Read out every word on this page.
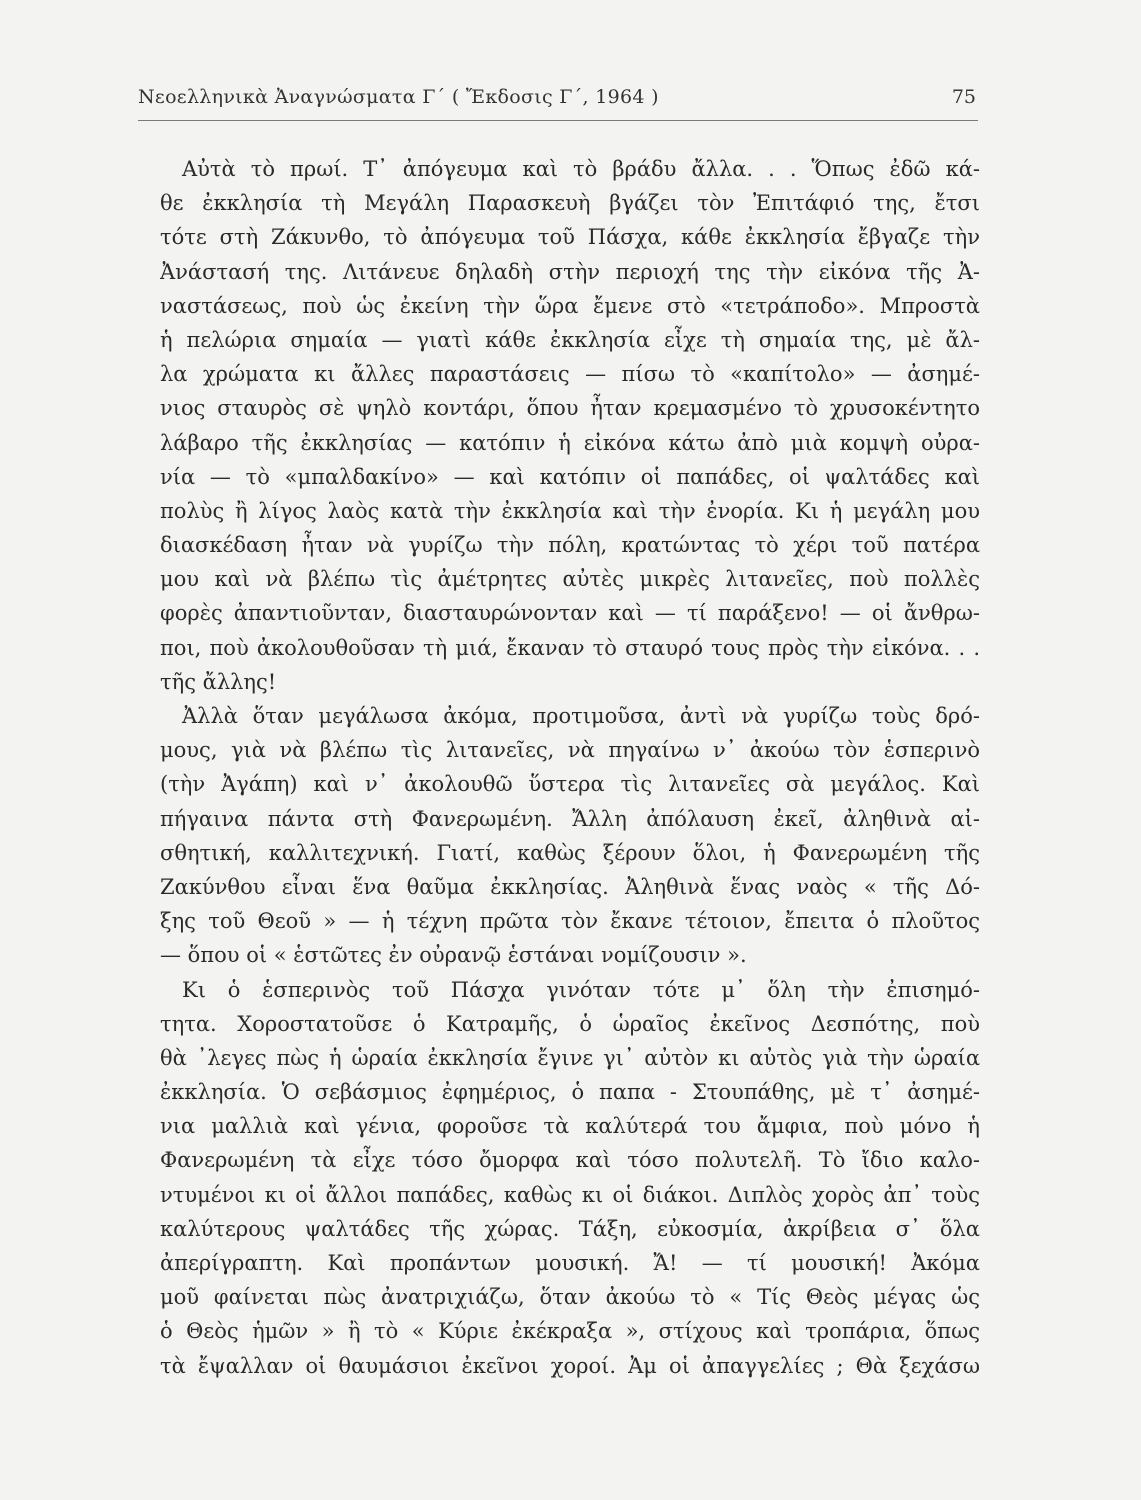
Νεοελληνικὰ Ἀναγνώσματα Γ΄ ( Ἔκδοσις Γ΄, 1964 )	75
Αὐτὰ τὸ πρωί. Τ᾿ ἀπόγευμα καὶ τὸ βράδυ ἄλλα. . . Ὅπως ἐδῶ κά-
θε ἐκκλησία τὴ Μεγάλη Παρασκευὴ βγάζει τὸν Ἐπιτάφιό της, ἔτσι
τότε στὴ Ζάκυνθο, τὸ ἀπόγευμα τοῦ Πάσχα, κάθε ἐκκλησία ἔβγαζε τὴν
Ἀνάστασή της. Λιτάνευε δηλαδὴ στὴν περιοχή της τὴν εἰκόνα τῆς Ἀ-
ναστάσεως, ποὺ ὡς ἐκείνη τὴν ὥρα ἔμενε στὸ «τετράποδο». Μπροστὰ
ἡ πελώρια σημαία — γιατὶ κάθε ἐκκλησία εἶχε τὴ σημαία της, μὲ ἄλ-
λα χρώματα κι ἄλλες παραστάσεις — πίσω τὸ «καπίτολο» — ἀσημέ-
νιος σταυρὸς σὲ ψηλὸ κοντάρι, ὅπου ἦταν κρεμασμένο τὸ χρυσοκέντητο
λάβαρο τῆς ἐκκλησίας — κατόπιν ἡ εἰκόνα κάτω ἀπὸ μιὰ κομψὴ οὐρα-
νία — τὸ «μπαλδακίνο» — καὶ κατόπιν οἱ παπάδες, οἱ ψαλτάδες καὶ
πολὺς ἢ λίγος λαὸς κατὰ τὴν ἐκκλησία καὶ τὴν ἐνορία. Κι ἡ μεγάλη μου
διασκέδαση ἦταν νὰ γυρίζω τὴν πόλη, κρατώντας τὸ χέρι τοῦ πατέρα
μου καὶ νὰ βλέπω τὶς ἀμέτρητες αὐτὲς μικρὲς λιτανεῖες, ποὺ πολλὲς
φορὲς ἀπαντιοῦνταν, διασταυρώνονταν καὶ — τί παράξενο! — οἱ ἄνθρω-
ποι, ποὺ ἀκολουθοῦσαν τὴ μιά, ἔκαναν τὸ σταυρό τους πρὸς τὴν εἰκόνα. . .
τῆς ἄλλης!
Ἀλλὰ ὅταν μεγάλωσα ἀκόμα, προτιμοῦσα, ἀντὶ νὰ γυρίζω τοὺς δρό-
μους, γιὰ νὰ βλέπω τὶς λιτανεῖες, νὰ πηγαίνω ν᾿ ἀκούω τὸν ἑσπερινὸ
(τὴν Ἀγάπη) καὶ ν᾿ ἀκολουθῶ ὕστερα τὶς λιτανεῖες σὰ μεγάλος. Καὶ
πήγαινα πάντα στὴ Φανερωμένη. Ἄλλη ἀπόλαυση ἐκεῖ, ἀληθινὰ αἰ-
σθητική, καλλιτεχνική. Γιατί, καθὼς ξέρουν ὅλοι, ἡ Φανερωμένη τῆς
Ζακύνθου εἶναι ἕνα θαῦμα ἐκκλησίας. Ἀληθινὰ ἕνας ναὸς « τῆς Δό-
ξης τοῦ Θεοῦ » — ἡ τέχνη πρῶτα τὸν ἔκανε τέτοιον, ἔπειτα ὁ πλοῦτος
— ὅπου οἱ « ἑστῶτες ἐν οὐρανῷ ἑστάναι νομίζουσιν ».
Κι ὁ ἑσπερινὸς τοῦ Πάσχα γινόταν τότε μ᾿ ὅλη τὴν ἐπισημό-
τητα. Χοροστατοῦσε ὁ Κατραμῆς, ὁ ὡραῖος ἐκεῖνος Δεσπότης, ποὺ
θὰ ᾿λεγες πὼς ἡ ὡραία ἐκκλησία ἔγινε γι᾿ αὐτὸν κι αὐτὸς γιὰ τὴν ὡραία
ἐκκλησία. Ὁ σεβάσμιος ἐφημέριος, ὁ παπα - Στουπάθης, μὲ τ᾿ ἀσημέ-
νια μαλλιὰ καὶ γένια, φοροῦσε τὰ καλύτερά του ἄμφια, ποὺ μόνο ἡ
Φανερωμένη τὰ εἶχε τόσο ὄμορφα καὶ τόσο πολυτελῆ. Τὸ ἴδιο καλο-
ντυμένοι κι οἱ ἄλλοι παπάδες, καθὼς κι οἱ διάκοι. Διπλὸς χορὸς ἀπ᾿ τοὺς
καλύτερους ψαλτάδες τῆς χώρας. Τάξη, εὐκοσμία, ἀκρίβεια σ᾿ ὅλα
ἀπερίγραπτη. Καὶ προπάντων μουσική. Ἄ! — τί μουσική! Ἀκόμα
μοῦ φαίνεται πὼς ἀνατριχιάζω, ὅταν ἀκούω τὸ « Τίς Θεὸς μέγας ὡς
ὁ Θεὸς ἡμῶν » ἢ τὸ « Κύριε ἐκέκραξα », στίχους καὶ τροπάρια, ὅπως
τὰ ἔψαλλαν οἱ θαυμάσιοι ἐκεῖνοι χοροί. Ἀμ οἱ ἀπαγγελίες ; Θὰ ξεχάσω
